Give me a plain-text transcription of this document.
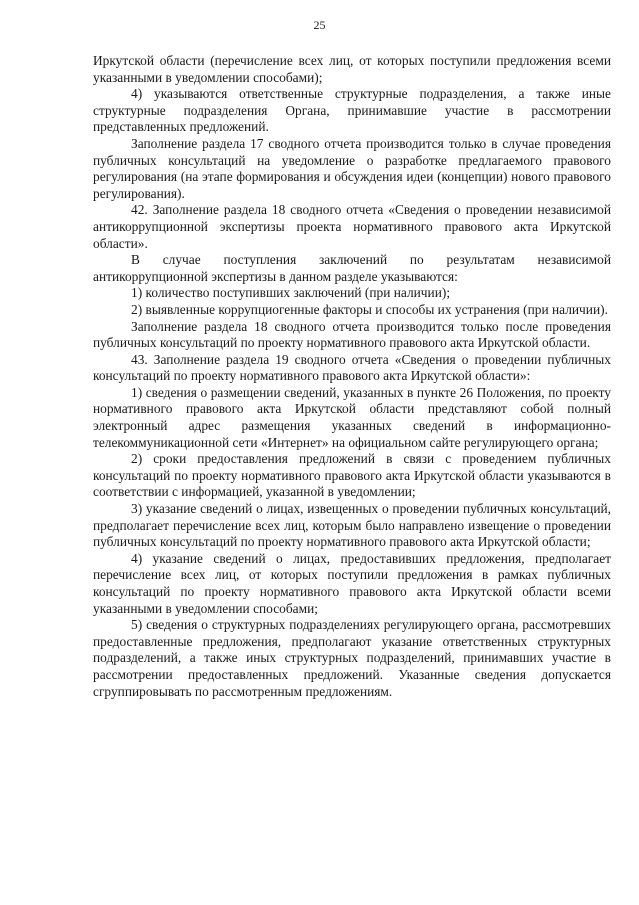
25

Иркутской области (перечисление всех лиц, от которых поступили предложения всеми указанными в уведомлении способами);

4) указываются ответственные структурные подразделения, а также иные структурные подразделения Органа, принимавшие участие в рассмотрении представленных предложений.

Заполнение раздела 17 сводного отчета производится только в случае проведения публичных консультаций на уведомление о разработке предлагаемого правового регулирования (на этапе формирования и обсуждения идеи (концепции) нового правового регулирования).

42. Заполнение раздела 18 сводного отчета «Сведения о проведении независимой антикоррупционной экспертизы проекта нормативного правового акта Иркутской области».

В случае поступления заключений по результатам независимой антикоррупционной экспертизы в данном разделе указываются:

1) количество поступивших заключений (при наличии);

2) выявленные коррупциогенные факторы и способы их устранения (при наличии).

Заполнение раздела 18 сводного отчета производится только после проведения публичных консультаций по проекту нормативного правового акта Иркутской области.

43. Заполнение раздела 19 сводного отчета «Сведения о проведении публичных консультаций по проекту нормативного правового акта Иркутской области»:

1) сведения о размещении сведений, указанных в пункте 26 Положения, по проекту нормативного правового акта Иркутской области представляют собой полный электронный адрес размещения указанных сведений в информационно-телекоммуникационной сети «Интернет» на официальном сайте регулирующего органа;

2) сроки предоставления предложений в связи с проведением публичных консультаций по проекту нормативного правового акта Иркутской области указываются в соответствии с информацией, указанной в уведомлении;

3) указание сведений о лицах, извещенных о проведении публичных консультаций, предполагает перечисление всех лиц, которым было направлено извещение о проведении публичных консультаций по проекту нормативного правового акта Иркутской области;

4) указание сведений о лицах, предоставивших предложения, предполагает перечисление всех лиц, от которых поступили предложения в рамках публичных консультаций по проекту нормативного правового акта Иркутской области всеми указанными в уведомлении способами;

5) сведения о структурных подразделениях регулирующего органа, рассмотревших предоставленные предложения, предполагают указание ответственных структурных подразделений, а также иных структурных подразделений, принимавших участие в рассмотрении предоставленных предложений. Указанные сведения допускается сгруппировывать по рассмотренным предложениям.
